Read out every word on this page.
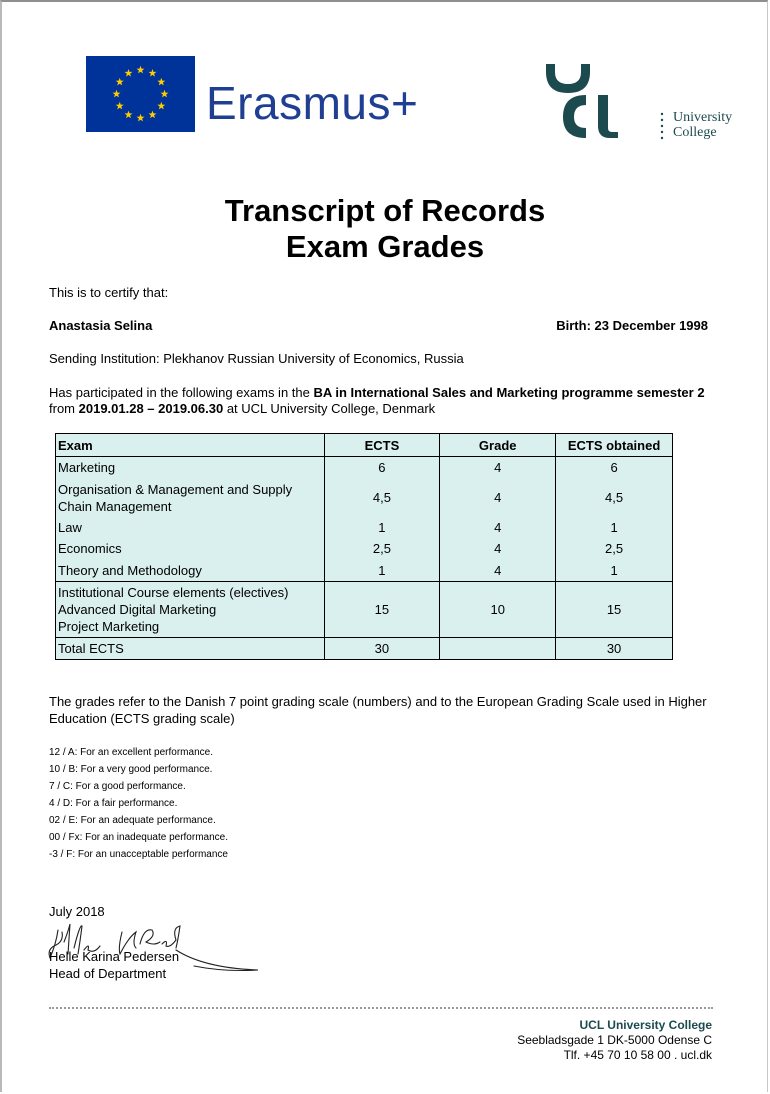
Erasmus+	University
College
Transcript of Records
Exam Grades
This is to certify that:
Anastasia Selina	Birth: 23 December 1998
Sending Institution: Plekhanov Russian University of Economics, Russia
Has participated in the following exams in the BA in International Sales and Marketing programme semester 2
from 2019.01.28 – 2019.06.30 at UCL University College, Denmark
Exam	ECTS	Grade	ECTS obtained

Marketing	6	4	6

Organisation & Management and Supply
Chain Management	4,5	4	4,5

Law	1	4	1

Economics	2,5	4	2,5

Theory and Methodology	1	4	1

Institutional Course elements (electives)
Advanced Digital Marketing
Project Marketing	15	10	15

Total ECTS	30		30
The grades refer to the Danish 7 point grading scale (numbers) and to the European Grading Scale used in Higher Education (ECTS grading scale)
12 / A: For an excellent performance.
10 / B: For a very good performance.
7 / C: For a good performance.
4 / D: For a fair performance.
02 / E: For an adequate performance.
00 / Fx: For an inadequate performance.
-3 / F: For an unacceptable performance
July 2018
Helle Karina Pedersen
Head of Department
UCL University College
Seebladsgade 1 DK-5000 Odense C
Tlf. +45 70 10 58 00 . ucl.dk
